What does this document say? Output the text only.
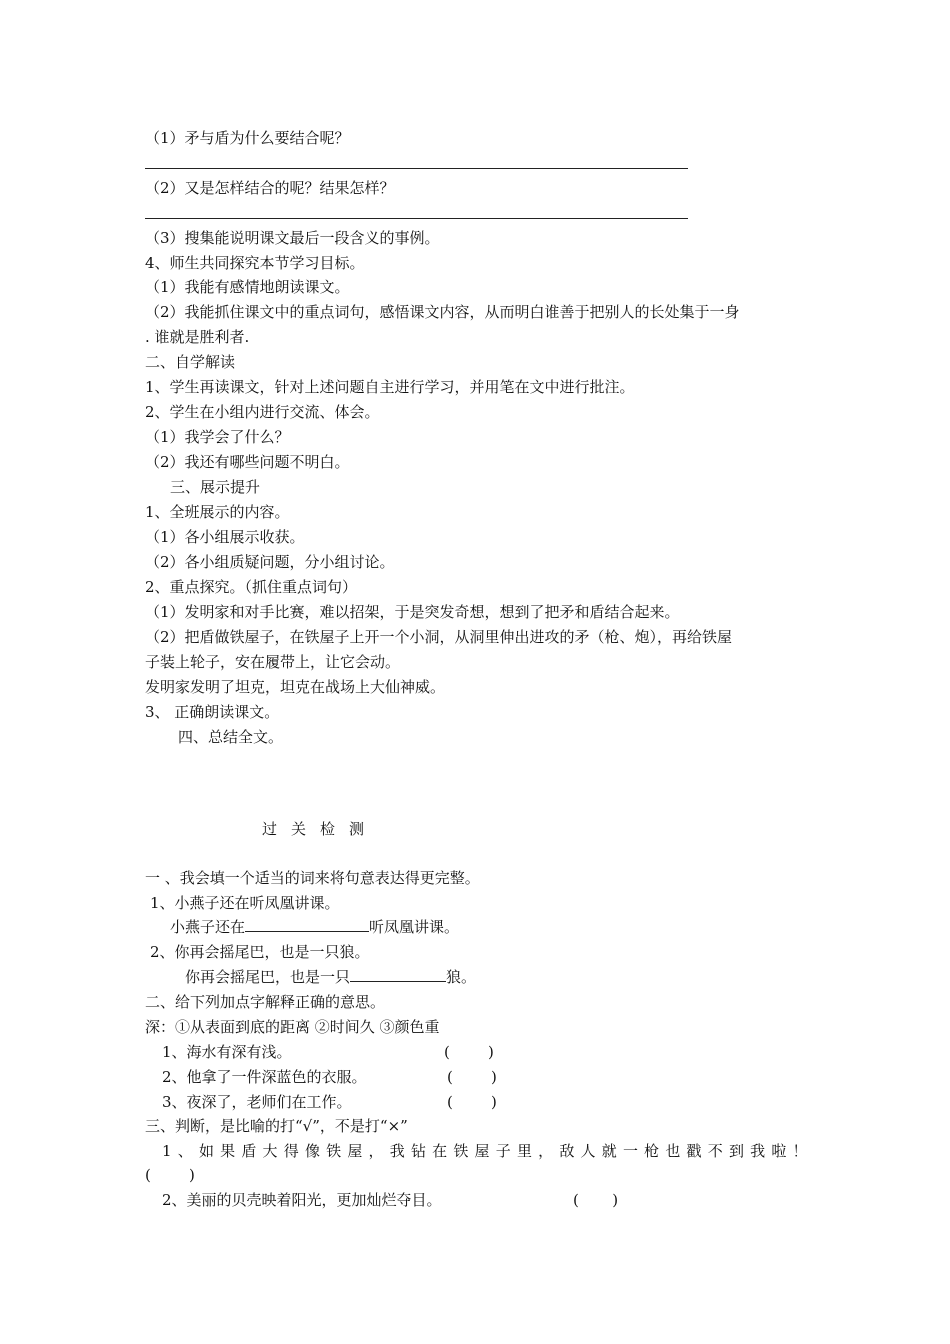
（1）矛与盾为什么要结合呢？
（2）又是怎样结合的呢？结果怎样？
（3）搜集能说明课文最后一段含义的事例。
4、师生共同探究本节学习目标。
（1）我能有感情地朗读课文。
（2）我能抓住课文中的重点词句，感悟课文内容，从而明白谁善于把别人的长处集于一身
. 谁就是胜利者.
二、自学解读
1、学生再读课文，针对上述问题自主进行学习，并用笔在文中进行批注。
2、学生在小组内进行交流、体会。
（1）我学会了什么？
（2）我还有哪些问题不明白。
三、展示提升
1、全班展示的内容。
（1）各小组展示收获。
（2）各小组质疑问题，分小组讨论。
2、重点探究。（抓住重点词句）
（1）发明家和对手比赛，难以招架，于是突发奇想，想到了把矛和盾结合起来。
（2）把盾做铁屋子，在铁屋子上开一个小洞，从洞里伸出进攻的矛（枪、炮），再给铁屋
子装上轮子，安在履带上，让它会动。
发明家发明了坦克，坦克在战场上大仙神威。
3、 正确朗读课文。
四、总结全文。
过关检测
一 、我会填一个适当的词来将句意表达得更完整。
1、小燕子还在听凤凰讲课。
小燕子还在	听凤凰讲课。
2、你再会摇尾巴，也是一只狼。
你再会摇尾巴，也是一只	狼。
二、给下列加点字解释正确的意思。
深：①从表面到底的距离 ②时间久 ③颜色重
1、海水有深有浅。	(        )
2、他拿了一件深蓝色的衣服。	(        )
3、夜深了，老师们在工作。	(        )
三、判断，是比喻的打“√”，不是打“×”
1、如果盾大得像铁屋，我钻在铁屋子里，敌人就一枪也戳不到我啦！
(        )
2、美丽的贝壳映着阳光，更加灿烂夺目。	(       )
